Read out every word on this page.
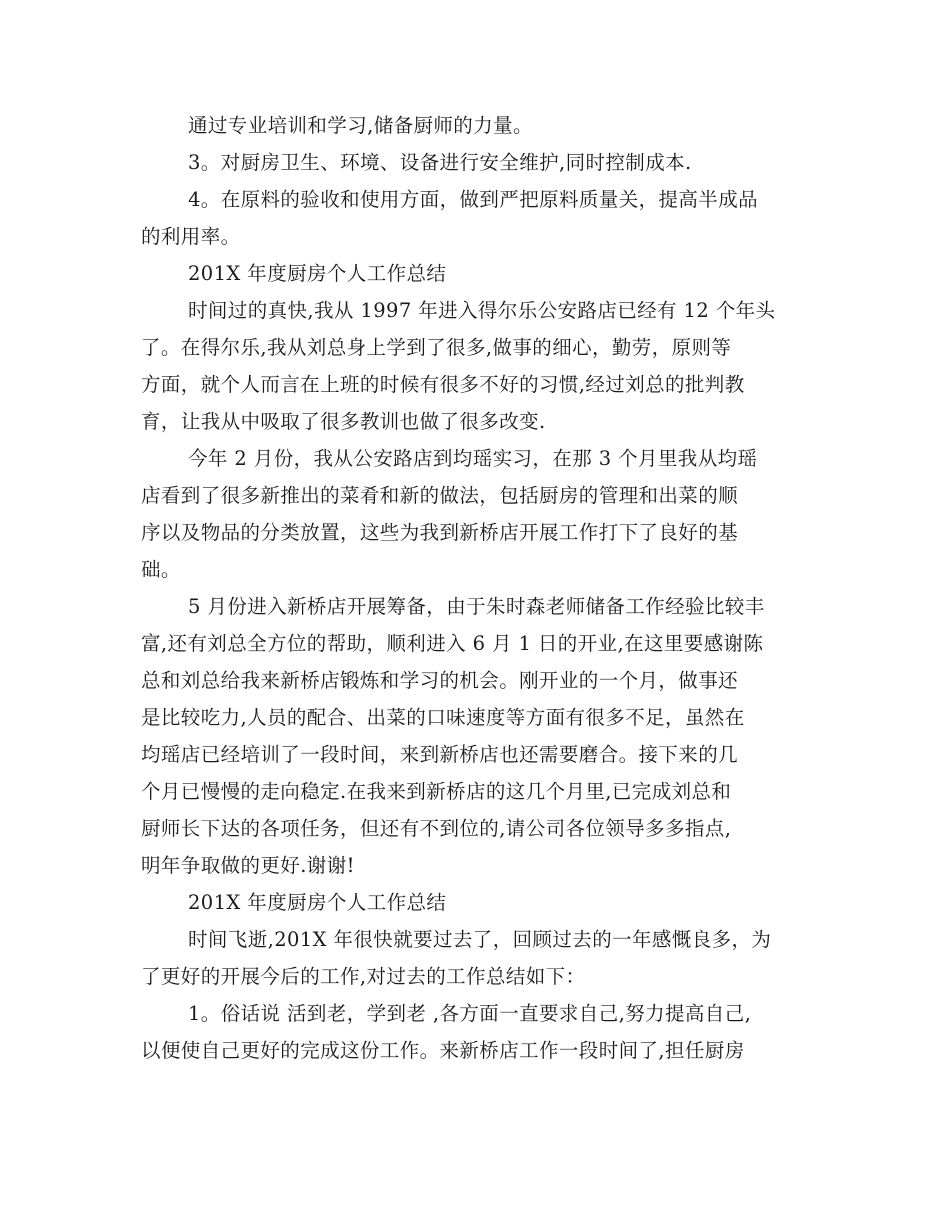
通过专业培训和学习,储备厨师的力量。
3。对厨房卫生、环境、设备进行安全维护,同时控制成本.
4。在原料的验收和使用方面，做到严把原料质量关，提高半成品
的利用率。
201X 年度厨房个人工作总结
时间过的真快,我从 1997 年进入得尔乐公安路店已经有 12 个年头
了。在得尔乐,我从刘总身上学到了很多,做事的细心，勤劳，原则等
方面，就个人而言在上班的时候有很多不好的习惯,经过刘总的批判教
育，让我从中吸取了很多教训也做了很多改变.
今年 2 月份，我从公安路店到均瑶实习，在那 3 个月里我从均瑶
店看到了很多新推出的菜肴和新的做法，包括厨房的管理和出菜的顺
序以及物品的分类放置，这些为我到新桥店开展工作打下了良好的基
础。
5 月份进入新桥店开展筹备，由于朱时森老师储备工作经验比较丰
富,还有刘总全方位的帮助，顺利进入 6 月 1 日的开业,在这里要感谢陈
总和刘总给我来新桥店锻炼和学习的机会。刚开业的一个月，做事还
是比较吃力,人员的配合、出菜的口味速度等方面有很多不足，虽然在
均瑶店已经培训了一段时间，来到新桥店也还需要磨合。接下来的几
个月已慢慢的走向稳定.在我来到新桥店的这几个月里,已完成刘总和
厨师长下达的各项任务，但还有不到位的,请公司各位领导多多指点,
明年争取做的更好.谢谢!
201X 年度厨房个人工作总结
时间飞逝,201X 年很快就要过去了，回顾过去的一年感慨良多，为
了更好的开展今后的工作,对过去的工作总结如下：
1。俗话说 活到老，学到老 ,各方面一直要求自己,努力提高自己,
以便使自己更好的完成这份工作。来新桥店工作一段时间了,担任厨房
